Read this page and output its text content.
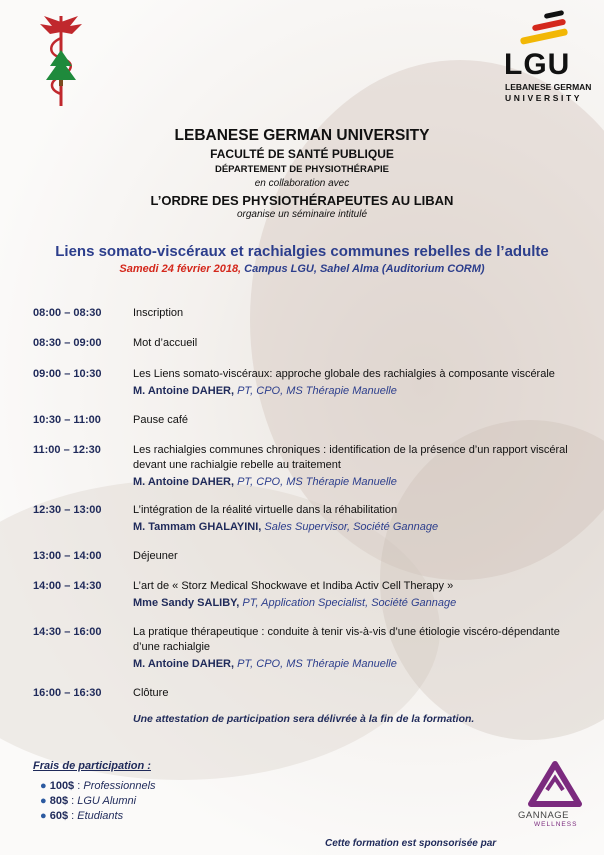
LGU
LEBANESE GERMAN
UNIVERSITY
LEBANESE GERMAN UNIVERSITY
FACULTÉ DE SANTÉ PUBLIQUE
DÉPARTEMENT DE PHYSIOTHÉRAPIE
en collaboration avec
L’ORDRE DES PHYSIOTHÉRAPEUTES AU LIBAN
organise un séminaire intitulé
Liens somato-viscéraux et rachialgies communes rebelles de l’adulte
Samedi 24 février 2018, Campus LGU, Sahel Alma (Auditorium CORM)
08:00 – 08:30	Inscription
08:30 – 09:00	Mot d’accueil
09:00 – 10:30	Les Liens somato-viscéraux: approche globale des rachialgies à composante viscérale
M. Antoine DAHER, PT, CPO, MS Thérapie Manuelle
10:30 – 11:00	Pause café
11:00 – 12:30	Les rachialgies communes chroniques : identification de la présence d’un rapport viscéral
devant une rachialgie rebelle au traitement
M. Antoine DAHER, PT, CPO, MS Thérapie Manuelle
12:30 – 13:00	L’intégration de la réalité virtuelle dans la réhabilitation
M. Tammam GHALAYINI, Sales Supervisor, Société Gannage
13:00 – 14:00	Déjeuner
14:00 – 14:30	L’art de « Storz Medical Shockwave et Indiba Activ Cell Therapy »
Mme Sandy SALIBY, PT, Application Specialist, Société Gannage
14:30 – 16:00	La pratique thérapeutique : conduite à tenir vis-à-vis d’une étiologie viscéro-dépendante
d’une rachialgie
M. Antoine DAHER, PT, CPO, MS Thérapie Manuelle
16:00 – 16:30	Clôture
Une attestation de participation sera délivrée à la fin de la formation.
Frais de participation :
● 100$ : Professionnels
● 80$ : LGU Alumni
● 60$ : Etudiants	GANNAGE
WELLNESS
Cette formation est sponsorisée par
